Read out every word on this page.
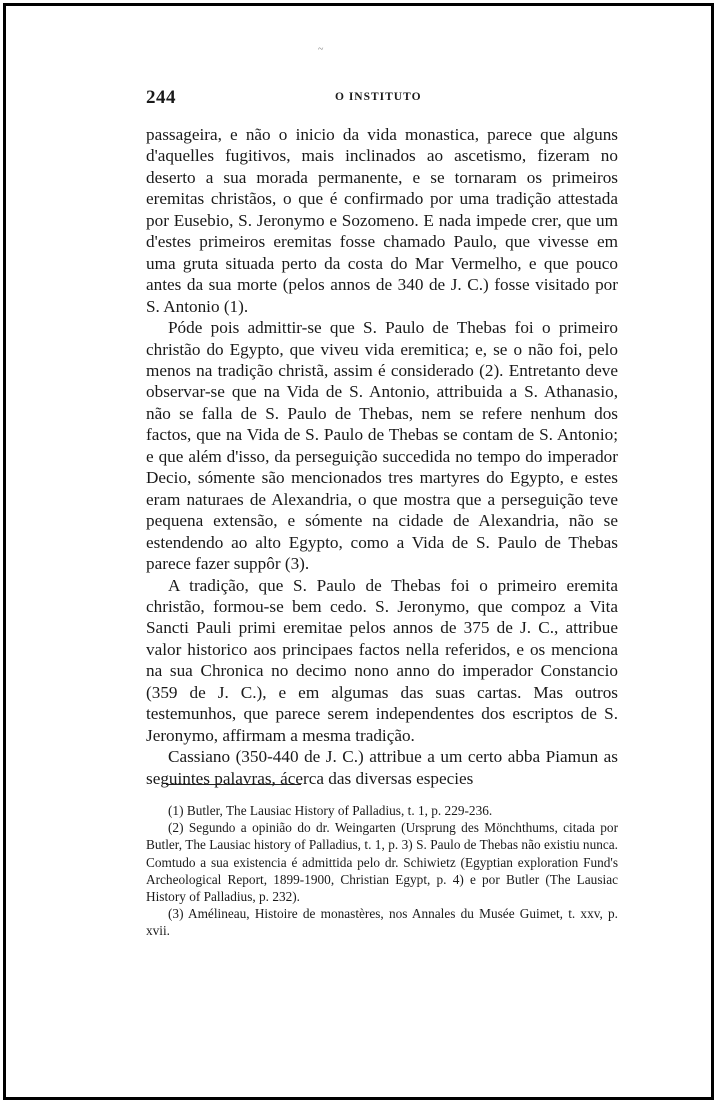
~
244	O INSTITUTO

passageira, e não o inicio da vida monastica, parece que alguns d'aquelles fugitivos, mais inclinados ao ascetismo, fizeram no deserto a sua morada permanente, e se tornaram os primeiros eremitas christãos, o que é confirmado por uma tradição attestada por Eusebio, S. Jeronymo e Sozomeno. E nada impede crer, que um d'estes primeiros eremitas fosse chamado Paulo, que vivesse em uma gruta situada perto da costa do Mar Vermelho, e que pouco antes da sua morte (pelos annos de 340 de J. C.) fosse visitado por S. Antonio (1).

Póde pois admittir-se que S. Paulo de Thebas foi o primeiro christão do Egypto, que viveu vida eremitica; e, se o não foi, pelo menos na tradição christã, assim é considerado (2). Entretanto deve observar-se que na Vida de S. Antonio, attribuida a S. Athanasio, não se falla de S. Paulo de Thebas, nem se refere nenhum dos factos, que na Vida de S. Paulo de Thebas se contam de S. Antonio; e que além d'isso, da perseguição succedida no tempo do imperador Decio, sómente são mencionados tres martyres do Egypto, e estes eram naturaes de Alexandria, o que mostra que a perseguição teve pequena extensão, e sómente na cidade de Alexandria, não se estendendo ao alto Egypto, como a Vida de S. Paulo de Thebas parece fazer suppôr (3).

A tradição, que S. Paulo de Thebas foi o primeiro eremita christão, formou-se bem cedo. S. Jeronymo, que compoz a Vita Sancti Pauli primi eremitae pelos annos de 375 de J. C., attribue valor historico aos principaes factos nella referidos, e os menciona na sua Chronica no decimo nono anno do imperador Constancio (359 de J. C.), e em algumas das suas cartas. Mas outros testemunhos, que parece serem independentes dos escriptos de S. Jeronymo, affirmam a mesma tradição.

Cassiano (350-440 de J. C.) attribue a um certo abba Piamun as seguintes palavras, ácerca das diversas especies

(1) Butler, The Lausiac History of Palladius, t. 1, p. 229-236.

(2) Segundo a opinião do dr. Weingarten (Ursprung des Mönchthums, citada por Butler, The Lausiac history of Palladius, t. 1, p. 3) S. Paulo de Thebas não existiu nunca. Comtudo a sua existencia é admittida pelo dr. Schiwietz (Egyptian exploration Fund's Archeological Report, 1899-1900, Christian Egypt, p. 4) e por Butler (The Lausiac History of Palladius, p. 232).

(3) Amélineau, Histoire de monastères, nos Annales du Musée Guimet, t. xxv, p. xvii.
